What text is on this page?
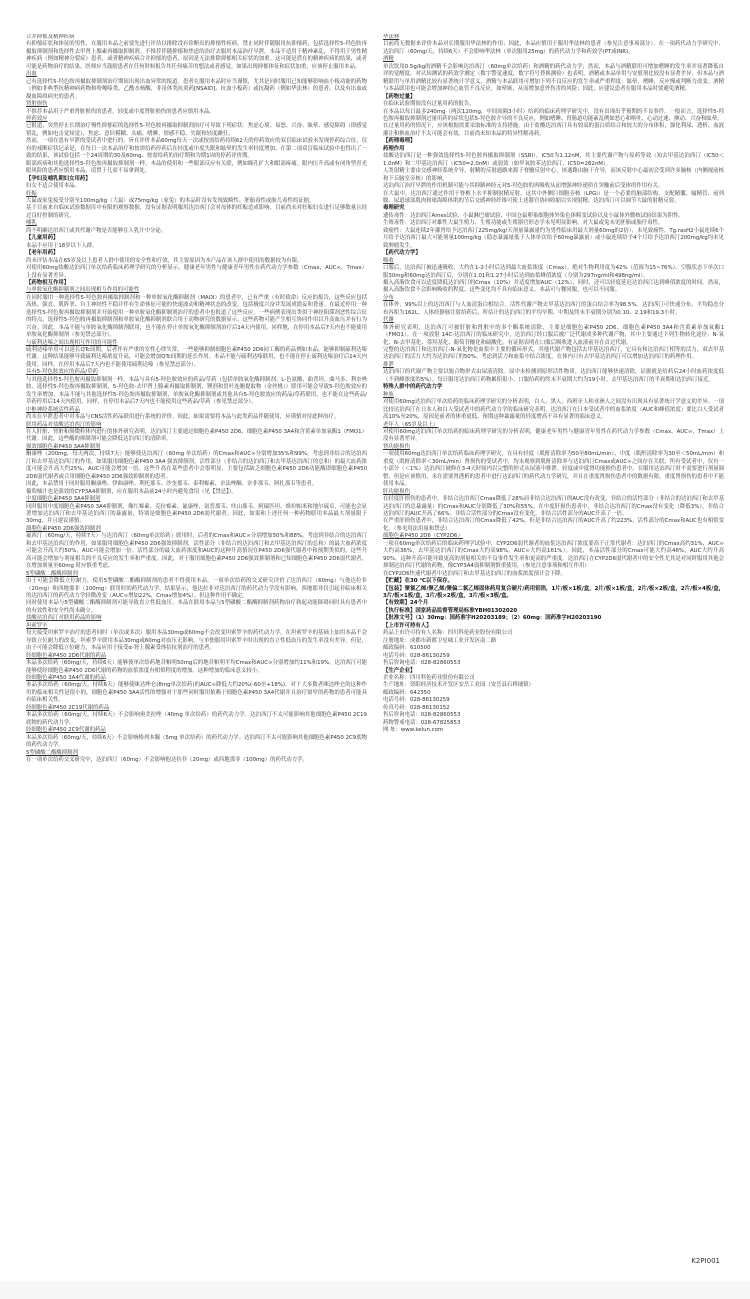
合并抑郁及精神疾病

有抑郁症状和体征的男性，在服用本品之前要先进行评估以排除没有诊断出的抑郁性疾病。禁止同时伴随服用抗抑郁药，包括选择性5-羟色胺再摄取抑制剂和选择性去甲肾上腺素再摄取抑制剂。不推荐伴随抑郁和焦虑的治疗去服用本品治疗早泄。本品不适用于精神紊乱，不得用于男性精神疾病（例如精神分裂症）患者，或者精神疾病合并抑郁的患者，原因是无法排除抑郁相关症状的加重。这可能是潜在的精神疾病的结果，或者可能是药物治疗的结果。医师应当鼓励患者在任何时候报告其任何痛苦的想法或者感觉。如果出现抑郁体征和症状加重，应该停止服用本品。

出血

已有选择性5-羟色胺再摄取抑制剂治疗期间出现出血异常的报道。患者在服用本品时应当谨慎，尤其是同时服用已知能够影响血小板功能的药物（例如非典型抗精神病药物和吩噻嗪类、乙酰水杨酸、非甾体类抗炎药[NSAID]、抗血小板药）或抗凝药（例如华法林）的患者，以及有出血或凝血障碍病史的患者。

肾脏损伤

不推荐本品用于严重肾脏损伤的患者，轻度或中度肾脏损伤的患者应慎用本品。

停药效应

已报道，突然停止长期治疗慢性抑郁症的选择性5-羟色胺再摄取抑制剂治疗可导致下列症状：焦虑心境、易怒、兴奋、眩晕、感觉障碍（即感觉错乱，例如电击觉知觉）、焦虑、意识模糊、头痛、嗜睡、情感不稳、失眠和轻度躁狂。

然而，一项在患有早泄的受试者中进行的、旨在评价本品60mg每天一次或按需给药持续62天的停药效应的双盲临床试验未发现停药综合征，仅有的戒断症状记录是，在每日一次本品治疗和按需给药停药后在轻度或中度失眠和眩晕的发生率轻度增加。在第二项双盲临床试验中也得出了一致的结果，该试验包括一个24周期的30及60mg、按需给药的治疗期和为期1周的停药评价期。

眼部疾病和其他选择性5-羟色胺再摄取抑制剂一样，本品的使用和一些眼部反应有关联，例如瞳孔扩大和眼部疼痛。眼内压升高或有闭角型青光眼风险的患者应慎用本品。请置于儿童不易拿到处。

【孕妇及哺乳期妇女用药】

妇女不适合使用本品。

妊娠

大鼠或家兔接受分别至100mg/kg（大鼠）或75mg/kg（家兔）的本品时没有发现致畸性、胚胎毒性或胎儿毒性的证据。

基于目前来自临床试验数据库中有限的观察数据，没有证据表明服用达泊西汀会对母体的妊娠造成影响。目前尚未对妊娠妇女进行足够数量且经过良好控制的研究。

哺乳

尚不明确达泊西汀或其代谢产物是否能够在人乳汁中分泌。

【儿童用药】

本品不应用于18岁以下人群。

【老年用药】

尚未评估本品在65岁及以上患者人群中使用的安全性和疗效，其主要原因为本产品在该人群中使用的数据较为有限。

对使用60mg盐酸达泊西汀单次给药临床药理学研究的分析显示，健康老年男性与健康青年男性在药代动力学参数（Cmax，AUC∞，Tmax）上没有显著差异。

【药物相互作用】

与单胺氧化酶抑制剂之间出现相互作用的可能性

在同时服用一种选择性5-羟色胺再摄取抑制剂和一种单胺氧化酶抑制剂（MAOI）的患者中，已有严重（有时致命）反应的报告，这些反应包括高热、强直、肌阵挛、自主神经性不稳并伴有生命体征可能的快速波动和精神状态的改变，包括极度兴奋并发展成谵妄和昏迷。在最近停用一种选择性5-羟色胺再摄取抑制剂并开始使用一种单胺氧化酶抑制剂治疗的患者中也报道了这些反应。一些病例表现出类似于神经阻滞剂恶性综合征的特点。选择性5-羟色胺再摄取抑制剂和单胺氧化酶抑制剂联合用于动物研究的数据显示，这些药物可能产生相互协同作用以升高血压并有行为兴奋。因此，本品不能与单胺氧化酶抑制剂联用，也不能在停止单胺氧化酶抑制剂治疗后14天内使用。同样地，在停用本品后7天内也不能使用单胺氧化酶抑制剂（参见禁忌部分）。

与硫利达嗪之间出现相互作用的可能性

硫利达嗪单用可以延长QTc间期，后者伴有严重的室性心律失常。一些能够抑制细胞色素P450 2D6同工酶的药品例如本品，能够抑制硫利达嗪代谢。这种结果能够导致硫利达嗪浓度升高，可能会增加QTc间期的延长作用。本品不能与硫利达嗪联用，也不能在停止硫利达嗪治疗后14天内使用。同样，在停用本品后7天内也不能使用硫利达嗪（参见禁忌部分）。

具有5-羟色胺效应的药品/草药

与其他选择性5-羟色胺再摄取抑制剂一样，本品与具有5-羟色胺效应的药品/草药（包括单胺氧化酶抑制剂、L-色氨酸、曲普坦、曲马多、利奈唑胺、选择性5-羟色胺再摄取抑制剂、5-羟色胺-去甲肾上腺素再摄取抑制剂、锂剂和贯叶连翘提取物（金丝桃））联用可能会导致5-羟色胺效应的发生率增加。本品不能与其他选择性5-羟色胺再摄取抑制剂、单胺氧化酶抑制剂或其他具有5-羟色胺效应的药品/草药联用，也不能在这些药品/草药停用后14天内使用。同样，在停用本品后7天内也不能使用这些药品/草药（参见禁忌部分）。

中枢神经系统活性药品

尚未在早泄患者中对本品与CNS活性药品联用进行系统的评价。因此，如果需要将本品与此类药品伴随使用，应谨慎对待此种治疗。

联用药品对盐酸达泊西汀的影响

在人肝脏、肾脏和肠微粒体内进行的体外研究表明，达泊西汀主要通过细胞色素P450 2D6、细胞色素P450 3A4和含黄素单加氧酶1（FMO1）代谢。因此，这些酶的抑制剂可能会降低达泊西汀的清除率。

强效细胞色素P450 3A4抑制剂

酮康唑（200mg，每天两次，持续7天）能够使达泊西汀（60mg 单次给药）的Cmax和AUC∞分别增加35%和99%。考虑到非结合的达泊西汀和去甲基达泊西汀的作用，如果服用细胞色素P450 3A4 强效抑制剂，活性部分（非结合的达泊西汀和去甲基达泊西汀的总和）的最大血药浓度可能会升高大约25%，AUC可能会增加一倍。这些升高在某些患者中会很明显，主要包括缺乏细胞色素P450 2D6功能酶即细胞色素P450 2D6弱代谢者或合用细胞色素P450 2D6强效抑制剂的患者。

因此，本品禁用于同时服用酮康唑、伊曲康唑、利托那韦、沙奎那韦、泰利霉素、奈法唑酮、奈非那韦、阿扎那韦等患者。

葡萄柚汁也是强效的CYP3A4抑制剂，应在服用本品前24小时内避免食用（见【禁忌】）。

中度细胞色素P450 3A4抑制剂

同时服用中度细胞色素P450 3A4抑制剂，像红霉素、克拉霉素、氟康唑、氨普那韦、呋山那韦、阿瑞匹坦、维拉帕米和地尔硫卓，可能也会显著增加达泊西汀和去甲基达泊西汀的暴露量，特别是细胞色素P450 2D6弱代谢者。因此，如果和上述任何一种药物联用本品最大剂量限于30mg，并且建议谨慎。

细胞色素P450 2D6强效抑制剂

氟西汀（60mg/天，持续7天）与达泊西汀（60mg单次给药）联用时，后者的Cmax和AUC∞分别增加50%和88%。考虑到非结合的达泊西汀和去甲基达泊西汀的作用，如果服用细胞色素P450 2D6强效抑制剂，活性部分（非结合的达泊西汀和去甲基达泊西汀的总和）的最大血药浓度可能会升高大约50%，AUC可能会增加一倍。活性部分的最大血药浓度和AUC的这种升高情况在P450 2D6强代谢者中和预期类似的。这些升高可能会增加与剂量相关的不良反应的发生率和严重度。因此，对于服用细胞色素P450 2D6强效抑制剂和已知细胞色素P450 2D6弱代谢者，在增加剂量至60mg 时应慎重考虑。

5型磷酸二酯酶抑制剂

由于可能会降低立位耐力，使用5型磷酸二酯酶抑制剂的患者不得使用本品。一项单次给药的交叉研究评价了达泊西汀（60mg）与他达拉非（20mg）和西地那非（100mg）联用时的药代动力学，结果显示，他达拉非对达泊西汀的药代动力学没有影响，西地那非仅引起非临床相关的达泊西汀的药代动力学轻微改变（AUC∞增加22%，Cmax增加4%）。但这种作用不确定。

同时使用本品与5型磷酸二酯酶抑制剂可能导致直立性低血压。本品在联用本品与5型磷酸二酯酶抑制剂药物治疗勃起功能障碍同时具有患者中的有效性和安全性尚未确立。

盐酸达泊西汀对联用药品的影响

坦索罗辛

每天接受坦索罗辛治疗的患者同时（单次或多次）服用本品30mg或60mg不会改变坦索罗辛的药代动力学。在坦索罗辛的基础上加用本品不会导致立位耐力的改变，坦索罗辛联用本品30mg或60mg对血压无影响，与单独服用坦索罗辛时出现的直立性低血压的发生率没有差异。但是，由于可能会降低立位耐力，本品应用于接受α-肾上腺素受体拮抗剂治疗的患者。

经细胞色素P450 2D6代谢的药品

本品多次给药（60mg/天，持续6天）能够使单次给药地昔帕明50mg后的地昔帕明平均Cmax和AUC∞分别增加约11%和19%。达泊西汀可能能够使经细胞色素P450 2D6代谢的药物的血浆浓度有相似程度的增加。这种增加的临床意义较小。

经细胞色素P450 3A4代谢的药品

本品多次给药（60mg/天，持续6天）能够使咪达唑仑(8mg单次给药)的AUC∞降低大约20%(-60至+18%)。对于大多数者咪达唑仑的这种作用的临床相关性是很小的。细胞色素P450 3A4活性的增强对于那些同时服用依赖于细胞色素P450 3A4代谢并且治疗窗窄的药物的患者可能具有临床相关性。

经细胞色素P450 2C19代谢的药品

本品多次给药（60mg/天，持续6天）不会影响奥美拉唑（40mg 单次给药）的药代动力学。达泊西汀不太可能影响其他细胞色素P450 2C19底物的药代动力学。

经细胞色素P450 2C9代谢的药品

本品多次给药（60mg/天，持续6天）不会影响格列本脲（5mg 单次给药）的药代动力学。达泊西汀不太可能影响其他细胞色素P450 2C9底物的药代动力学。

5型磷酸二酯酶抑制剂

在一项单次给药交叉研究中，达泊西汀（60mg）不会影响他达拉非（20mg）或西地那非（100mg）的药代动力学。

华法林

目前尚无数据来评价本品对长期服用华法林的作用；因此，本品应慎用于服用华法林的患者（参见注意事项部分）。在一项药代动力学研究中，达泊西汀（60mg/天，持续6天）不会影响华法林（单次服用25mg）的药代动力学和药效学(PT或INR)。

酒精

单次饮用0.5g/kg的酒精不会影响达泊西汀（60mg单次给药）和酒精的药代动力学；然而，本品与酒精联用可增加嗜睡的发生率并显著降低自评的觉醒度。对认知测试的药效学测定（数字警觉速度，数字符号替换测验）也表明，酒精或本品单用与安慰剂比较没有显著差异，但本品与酒精联用与单用酒精比较有显著统计学意义。酒精与本品联用可增加下列不良反应的发生率或严重程度：眩晕，嗜睡，反应慢或判断力改变。酒精与本品联用也可能会增加神经心血管不良反应，如晕厥，从而增加意外伤害的风险；因此，应建议患者在服用本品时要避免酒精。

【药物过量】

在临床试验期间没有过量用药的报告。

在本品以每日最多240mg（两次120mg，中间间隔3小时）给药的临床药理学研究中，没有出现出乎预期的不良事件。一般而言，选择性5-羟色胺再摄取抑制剂过量用药的症状包括5-羟色胺介导的不良反应，例如嗜睡、胃肠道功能紊乱例如恶心和呕吐、心动过速、颤动、兴奋和眩晕。

在过量用药的情况下，应该根据需要采取标准的支持措施。由于盐酸达泊西汀具有较高的蛋白质结合和较大的分布体积，强化利尿、透析、血液灌注和换血治疗不太可能会有效。目前尚未知本品的特异性解毒药。

【药理毒理】

药理作用

盐酸达泊西汀是一种强效选择性5-羟色胺再摄取抑制剂（SSRI），IC50为1.12nM，其主要代谢产物与原药等效（知去甲基达泊西汀（IC50＜1.0nM）和二甲基达泊西汀（IC50=2.0nM）或弱效（如甲氧胺苯达泊西汀，IC50=282nM）。

人类射精主要由交感神经系统介导。射精的反射通路来源于脊髓反射中心，该通路由脑干介导，而该反射中心最初会受到许多脑核（内侧视前核和下丘脑室旁核）的影响。

达泊西汀治疗早泄的作用机制可能与其抑制神经元对5-羟色胺的再吸收从而增强神经递质在突触前后受体的作用有关。

在大鼠中，达泊西汀通过作用于脊椎上水平抑制射精反射，这其中外侧巨细胞旁核（LPGi）是一个必要的脑部结构。支配精囊、输精管、前列腺、尿道球部肌肉和球海绵体肌的节后交感神经纤维可使上述器官协同收缩以实现射精。达泊西汀可以调节大鼠的射精反射。

毒理研究

遗传毒性：达泊西汀Ames试验、小鼠淋巴瘤试验、中国仓鼠卵巢细胞体外染色体畸变试验以及小鼠体外微核试验结果为阴性。

生殖毒性：达泊西汀对雄性大鼠生殖力、生殖功能或生殖器官形态学未见明显影响，对大鼠或兔未见胚胎或胎仔毒性。

致癌性：大鼠连续2年灌胃给予达泊西汀225mg/kg/天剂量暴露量约为男性临床用最大剂量60mg的2倍），未见致癌性。Tg.rasH2小鼠连续6个月给予达泊西汀最大可能剂量100mg/kg（稳态暴露量低于人体单次给予60mg暴露量）或小鼠连续给予4个月给予达泊西汀200mg/kg均未见致肿瘤发生。

【药代动力学】

吸收

口服后，达泊西汀被迅速吸收，大约在1-2小时后达到最大血浆浓度（Cmax）。绝对生物利用度为42%（范围为15~76%）。空腹状态下单次口服30mg和60mg达泊西汀后，分别在1.01和1.27小时后达到血浆峰值浓度（分别为297ng/ml和498ng/ml）。

摄入高脂饮食可以适度降低达泊西汀的Cmax（10%）并适度增加AUC（12%），同时，还可以轻度延迟达泊西汀达到峰值浓度的时间。然而，摄入高脂饮食不会影响吸收的程度。这些变化均不具有临床意义。本品可与餐同服，也可以不同服。

分布

在体外，99%以上的达泊西汀与人血清蛋白相结合。活性代谢产物去甲基达泊西汀的蛋白结合率为98.5%。达泊西汀可快速分布，平均稳态分布容积为162L。人体经静脉注射给药后，所估计的达泊西汀的平均早期、中期及终末半衰期分别为0.10、2.19和19.3小时。

代谢

体外研究表明，达泊西汀可被肝脏和肾脏中的多个酶系统清除，主要是细胞色素P450 2D6、细胞色素P450 3A4和含黄素单加氧酶1（FMO1）。在一项放射 14C-达泊西汀的临床研究中，达泊西汀经口服后被广泛代谢成多种代谢产物，其中主要通过下列生物转化途径：N-氧化、N-去甲基化、萘羟基化、葡萄苷酸化和硫酸化。有证据表明在口服后吸收进入血液前存在首过代谢。

完整的达泊西汀和达泊西汀-N-氧化物是血浆中主要的循环形式。其他代谢产物包括去甲基达泊西汀，它具有和达泊西汀相等的活力，双去甲基达泊西汀的活力大约为达泊西汀的50%。考虑到活力和血浆中结合浓度，在体内只有去甲基达泊西汀可以增加达泊西汀的药理作用。

排泄

达泊西汀的代谢产物主要以轭合物形式由尿液清除。尿中未检测到原形活性物质。达泊西汀能够快速清除，证据就是给药后24小时血药浓度低（不到峰浓度的5%）。每日服用达泊西汀药物累积很小。口服给药的终末半衰期大约为19小时。去甲基达泊西汀的半衰期和达泊西汀接近。

特殊人群中的药代动力学

种族

对使用60mg达泊西汀单次给药的临床药理学研究的分析表明，白人、黑人、西班牙人和亚洲人之间没有出现具有显著统计学意义的差异。一项比较达泊西汀在日本人和白人受试者中的药代动力学的临床研究表明，达泊西汀在日本受试者中的血浆浓度（AUC和峰值浓度）要比白人受试者高10%至20%，原因是前者的体重更低。预期这种暴露量的轻度增高不具有显著的临床意义。

老年人（65岁及以上）

对使用60mg达泊西汀单次给药的临床药理学研究的分析表明，健康老年男性与健康青年男性在药代动力学参数（Cmax，AUC∞，Tmax）上没有显著差异。

肾功能损伤

一项使用60mg达泊西汀单次给药临床药理学研究，在具有轻度（肌酐清除率为50至80mL/min）、中度（肌酐清除率为30至＜50mL/min）和重度（肌酐清除率＜30mL/min）肾损伤的受试者中，均未观察到肌酐清除率与达泊西汀Cmax或AUC∞之间存在关联。所有受试者中，仅有一小部分（＜1%）达泊西汀被修在3-4天时间内以完整的形式从尿液中排泄。轻度或中度肾功能损伤患者中，在服用达泊西汀时不需要进行剂量调整，但是应该慎用。未在需要肾透析的患者中进行达泊西汀的药代动力学研究，并且在重度肾损伤患者中的数据有限。重度肾损伤的患者中不能使用本品。

肝功能损伤

在轻度肝损伤的患者中，非结合达泊西汀Cmax降低了28%而非结合达泊西汀的AUC没有改变。非结合的活性部分（非结合的达泊西汀和去甲基达泊西汀的总暴露量）的Cmax和AUC分别降低了30%和55%。在中度肝损伤患者中，非结合达泊西汀的Cmax没有变化（降低3%），非结合达泊西汀的AUC升高了66%。非结合活性部分的Cmax没有变化，非结合活性部分的AUC升高了一倍。

在严重肝损伤患者中，非结合达泊西汀的Cmax降低了42%，但是非结合达泊西汀的AUC升高了约223%。活性部分的Cmax和AUC也有相似变化。（参见用法用量和禁忌）

细胞色素P450 2D6（CYP2D6）

一项在60mg单次给药后的临床药理学试验中，CYP2D6弱代谢者的血浆达泊西汀浓度要高于正常代谢者：达泊西汀的Cmax高约31%，AUC∞大约高36%，去甲基达泊西汀的Cmax大约高98%，AUC∞大约高161%）。因此，本品活性部分的Cmax可能大约高46%，AUC大约升高90%。这种升高可能导致更高的剂量相关的不良事件发生率和更高的严重度。达泊西汀在CYP2D6弱代谢者中的安全性尤其是对同时服用其他会抑制达泊西汀代谢的药物，像CYP3A4弱抑制剂慎重使用。（参见注意事项和相互作用）

在CYP2D6快速代谢者中达泊西汀和去甲基达泊西汀的血浆浓度预计会下降。

【贮藏】在30 °C以下保存。

【包装】聚氯乙烯/聚乙烯/聚偏二氯乙烯固体药用复合硬片/药用铝箔，1片/板×1板/盒，2片/板×1板/盒，2片/板×2板/盒，2片/板×4板/盒，3片/板×1板/盒，3片/板×2板/盒，3片/板×3板/盒。

【有效期】24个月

【执行标准】国家药品监督管理局标准YBH01302020

【批准文号】（1）30mg：国药准字H20203189；（2）60mg：国药准字H20203190

【上市许可持有人】

药品上市许可持有人名称：四川科伦药业股份有限公司

注册地址：成都市新都卫星城工业开发区南二路

邮政编码：610500

电话号码：028-86130259

售后咨询电话：028-82860553

【生产企业】

企业名称：四川科伦药业股份有限公司

生产地址：资阳经济技术开发区安岳工业园（安岳县石桥铺镇）

邮政编码：642350

电话号码：028-86130259

传真号码：028-86130152

售后咨询电话：028-82860553

药物警戒电话：028-67825853

网 址：www.kelun.com

K2PI001
